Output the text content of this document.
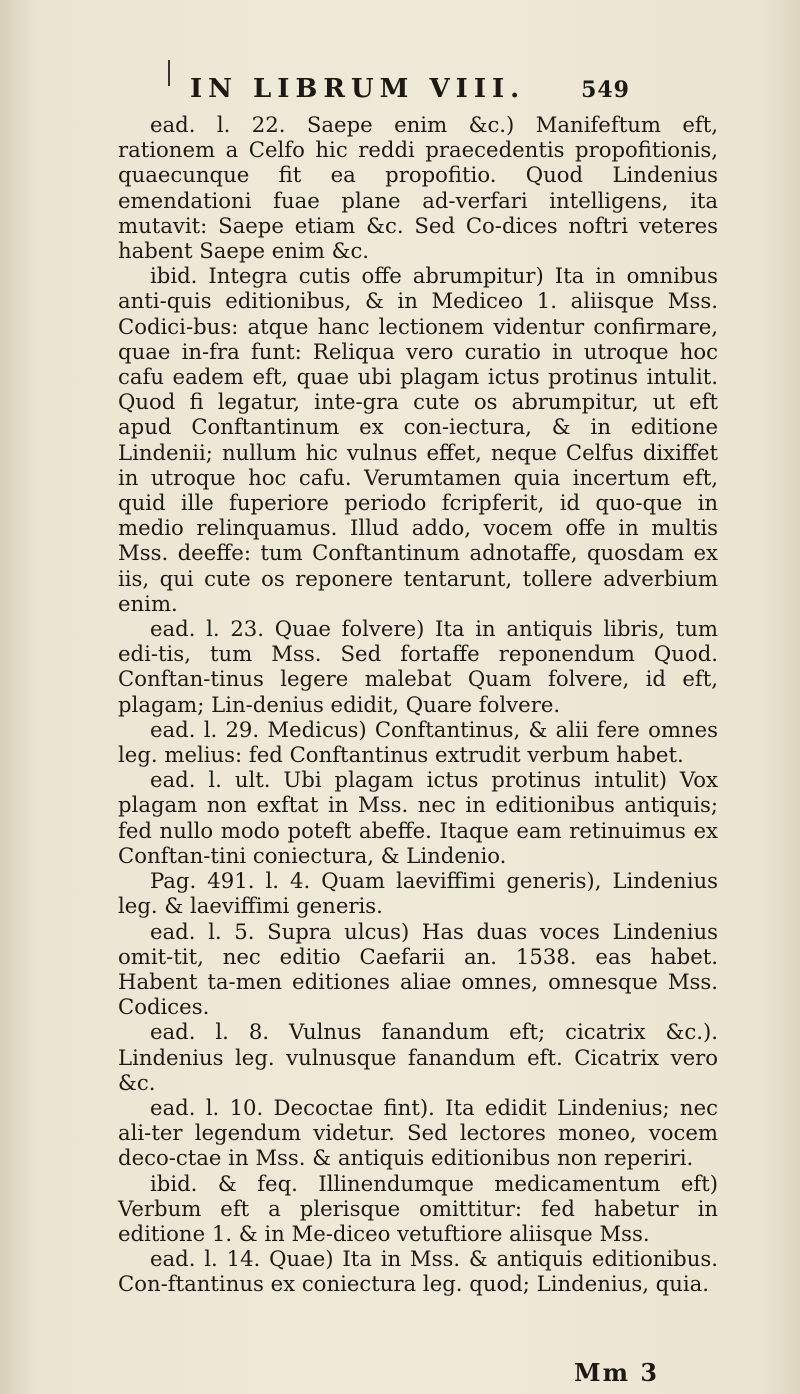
IN LIBRUM VIII.	549

ead. l. 22. Saepe enim &c.) Manifeftum eft, rationem a Celfo hic reddi praecedentis propofitionis, quaecunque fit ea propofitio. Quod Lindenius emendationi fuae plane ad-verfari intelligens, ita mutavit: Saepe etiam &c. Sed Co-dices noftri veteres habent Saepe enim &c.

ibid. Integra cutis offe abrumpitur) Ita in omnibus anti-quis editionibus, & in Mediceo 1. aliisque Mss. Codici-bus: atque hanc lectionem videntur confirmare, quae in-fra funt: Reliqua vero curatio in utroque hoc cafu eadem eft, quae ubi plagam ictus protinus intulit. Quod fi legatur, inte-gra cute os abrumpitur, ut eft apud Conftantinum ex con-iectura, & in editione Lindenii; nullum hic vulnus effet, neque Celfus dixiffet in utroque hoc cafu. Verumtamen quia incertum eft, quid ille fuperiore periodo fcripferit, id quo-que in medio relinquamus. Illud addo, vocem offe in multis Mss. deeffe: tum Conftantinum adnotaffe, quosdam ex iis, qui cute os reponere tentarunt, tollere adverbium enim.

ead. l. 23. Quae folvere) Ita in antiquis libris, tum edi-tis, tum Mss. Sed fortaffe reponendum Quod. Conftan-tinus legere malebat Quam folvere, id eft, plagam; Lin-denius edidit, Quare folvere.

ead. l. 29. Medicus) Conftantinus, & alii fere omnes leg. melius: fed Conftantinus extrudit verbum habet.

ead. l. ult. Ubi plagam ictus protinus intulit) Vox plagam non exftat in Mss. nec in editionibus antiquis; fed nullo modo poteft abeffe. Itaque eam retinuimus ex Conftan-tini coniectura, & Lindenio.

Pag. 491. l. 4. Quam laeviffimi generis), Lindenius leg. & laeviffimi generis.

ead. l. 5. Supra ulcus) Has duas voces Lindenius omit-tit, nec editio Caefarii an. 1538. eas habet. Habent ta-men editiones aliae omnes, omnesque Mss. Codices.

ead. l. 8. Vulnus fanandum eft; cicatrix &c.). Lindenius leg. vulnusque fanandum eft. Cicatrix vero &c.

ead. l. 10. Decoctae fint). Ita edidit Lindenius; nec ali-ter legendum videtur. Sed lectores moneo, vocem deco-ctae in Mss. & antiquis editionibus non reperiri.

ibid. & feq. Illinendumque medicamentum eft) Verbum eft a plerisque omittitur: fed habetur in editione 1. & in Me-diceo vetuftiore aliisque Mss.

ead. l. 14. Quae) Ita in Mss. & antiquis editionibus. Con-ftantinus ex coniectura leg. quod; Lindenius, quia.

Mm 3
